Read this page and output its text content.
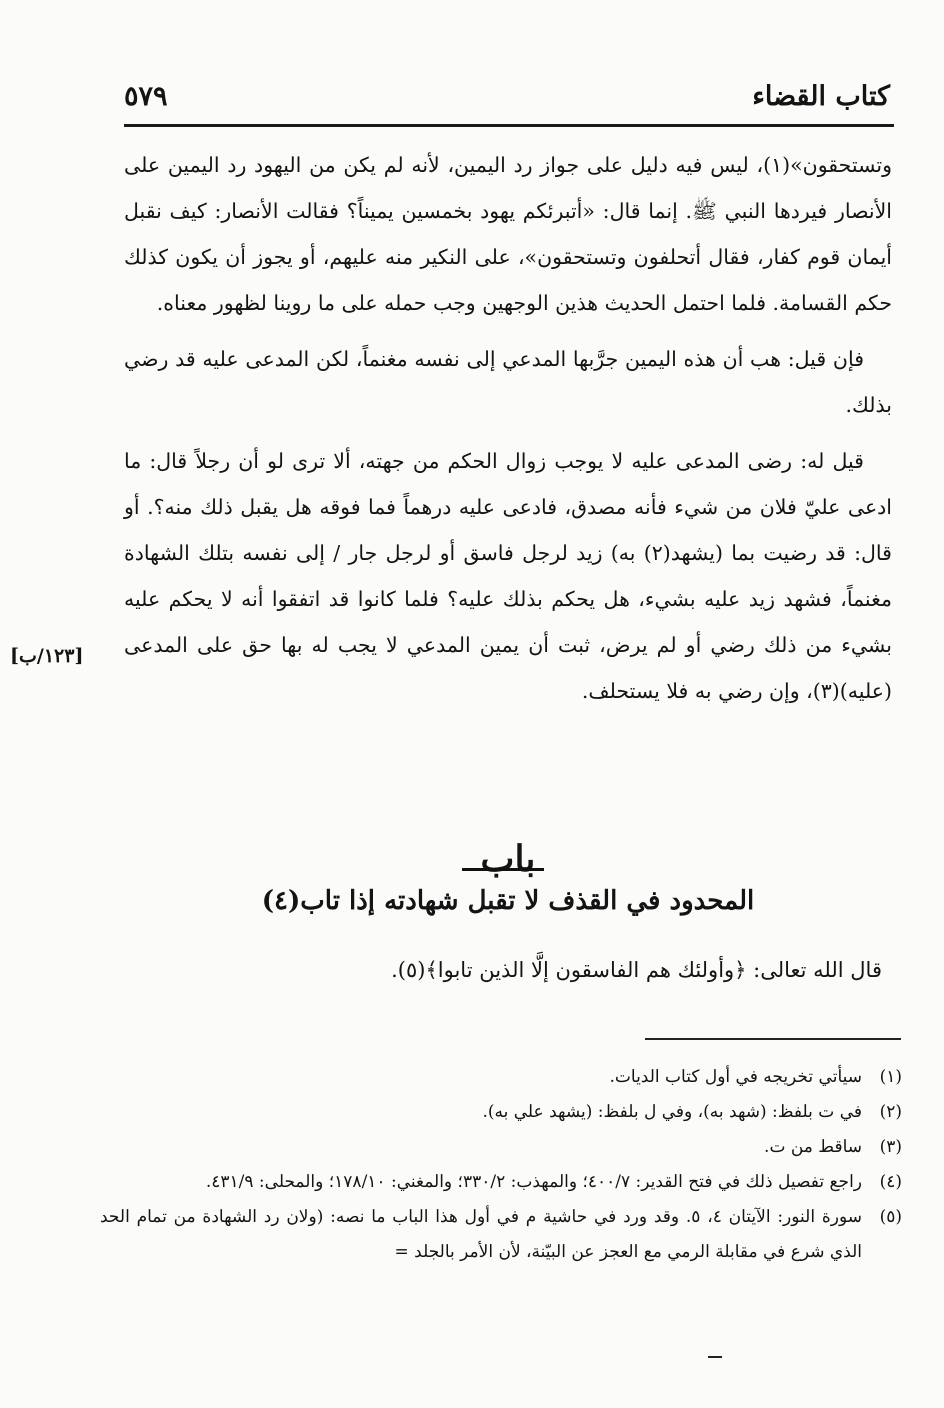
كتاب القضاء
٥٧٩

وتستحقون»(١)، ليس فيه دليل على جواز رد اليمين، لأنه لم يكن من اليهود رد اليمين على الأنصار فيردها النبي ﷺ. إنما قال: «أتبرئكم يهود بخمسين يميناً؟ فقالت الأنصار: كيف نقبل أيمان قوم كفار، فقال أتحلفون وتستحقون»، على النكير منه عليهم، أو يجوز أن يكون كذلك حكم القسامة. فلما احتمل الحديث هذين الوجهين وجب حمله على ما روينا لظهور معناه.

فإن قيل: هب أن هذه اليمين جرَّبها المدعي إلى نفسه مغنماً، لكن المدعى عليه قد رضي بذلك.

قيل له: رضى المدعى عليه لا يوجب زوال الحكم من جهته، ألا ترى لو أن رجلاً قال: ما ادعى عليّ فلان من شيء فأنه مصدق، فادعى عليه درهماً فما فوقه هل يقبل ذلك منه؟. أو قال: قد رضيت بما (يشهد(٢) به) زيد لرجل فاسق أو لرجل جار / إلى نفسه بتلك الشهادة مغنماً، فشهد زيد عليه بشيء، هل يحكم بذلك عليه؟ فلما كانوا قد اتفقوا أنه لا يحكم عليه بشيء من ذلك رضي أو لم يرض، ثبت أن يمين المدعي لا يجب له بها حق على المدعى (عليه)(٣)، وإن رضي به فلا يستحلف.

[١٢٣/ب]
باب
المحدود في القذف لا تقبل شهادته إذا تاب(٤)
قال الله تعالى: ﴿وأولئك هم الفاسقون إلَّا الذين تابوا﴾(٥).
(١)
سيأتي تخريجه في أول كتاب الديات.
(٢)
في ت بلفظ: (شهد به)، وفي ل بلفظ: (يشهد علي به).
(٣)
ساقط من ت.
(٤)
راجع تفصيل ذلك في فتح القدير: ٤٠٠/٧؛ والمهذب: ٣٣٠/٢؛ والمغني: ١٧٨/١٠؛ والمحلى: ٤٣١/٩.
(٥)
سورة النور: الآيتان ٤، ٥. وقد ورد في حاشية م في أول هذا الباب ما نصه: (ولان رد الشهادة من تمام الحد الذي شرع في مقابلة الرمي مع العجز عن البيّنة، لأن الأمر بالجلد =
